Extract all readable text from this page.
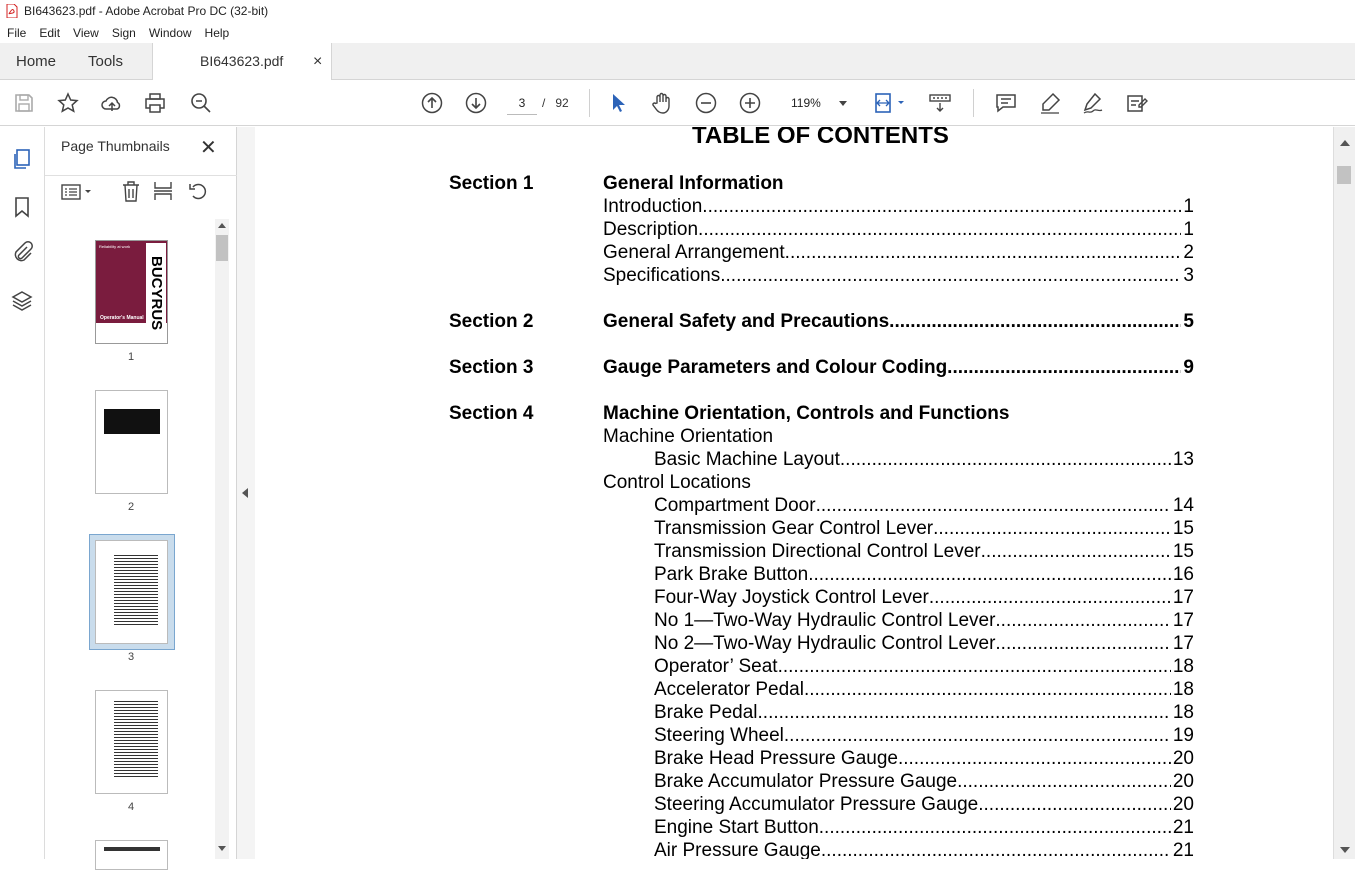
BI643623.pdf - Adobe Acrobat Pro DC (32-bit)
File Edit View Sign Window Help
Home Tools	BI643623.pdf ×
3	/ 92	119%
Page Thumbnails ✕
Reliability at work
BUCYRUS
Operator's Manual
1
2
3
4
TABLE OF CONTENTS
Section 1	General Information
Introduction .....	1
Description .....	1
General Arrangement .....	2
Specifications .....	3
Section 2	General Safety and Precautions .....	5
Section 3	Gauge Parameters and Colour Coding .....	9
Section 4	Machine Orientation, Controls and Functions
Machine Orientation
Basic Machine Layout .....	13
Control Locations
Compartment Door .....	14
Transmission Gear Control Lever .....	15
Transmission Directional Control Lever .....	15
Park Brake Button .....	16
Four-Way Joystick Control Lever .....	17
No 1—Two-Way Hydraulic Control Lever .....	17
No 2—Two-Way Hydraulic Control Lever .....	17
Operator’ Seat .....	18
Accelerator Pedal .....	18
Brake Pedal .....	18
Steering Wheel .....	19
Brake Head Pressure Gauge .....	20
Brake Accumulator Pressure Gauge .....	20
Steering Accumulator Pressure Gauge .....	20
Engine Start Button .....	21
Air Pressure Gauge .....	21
